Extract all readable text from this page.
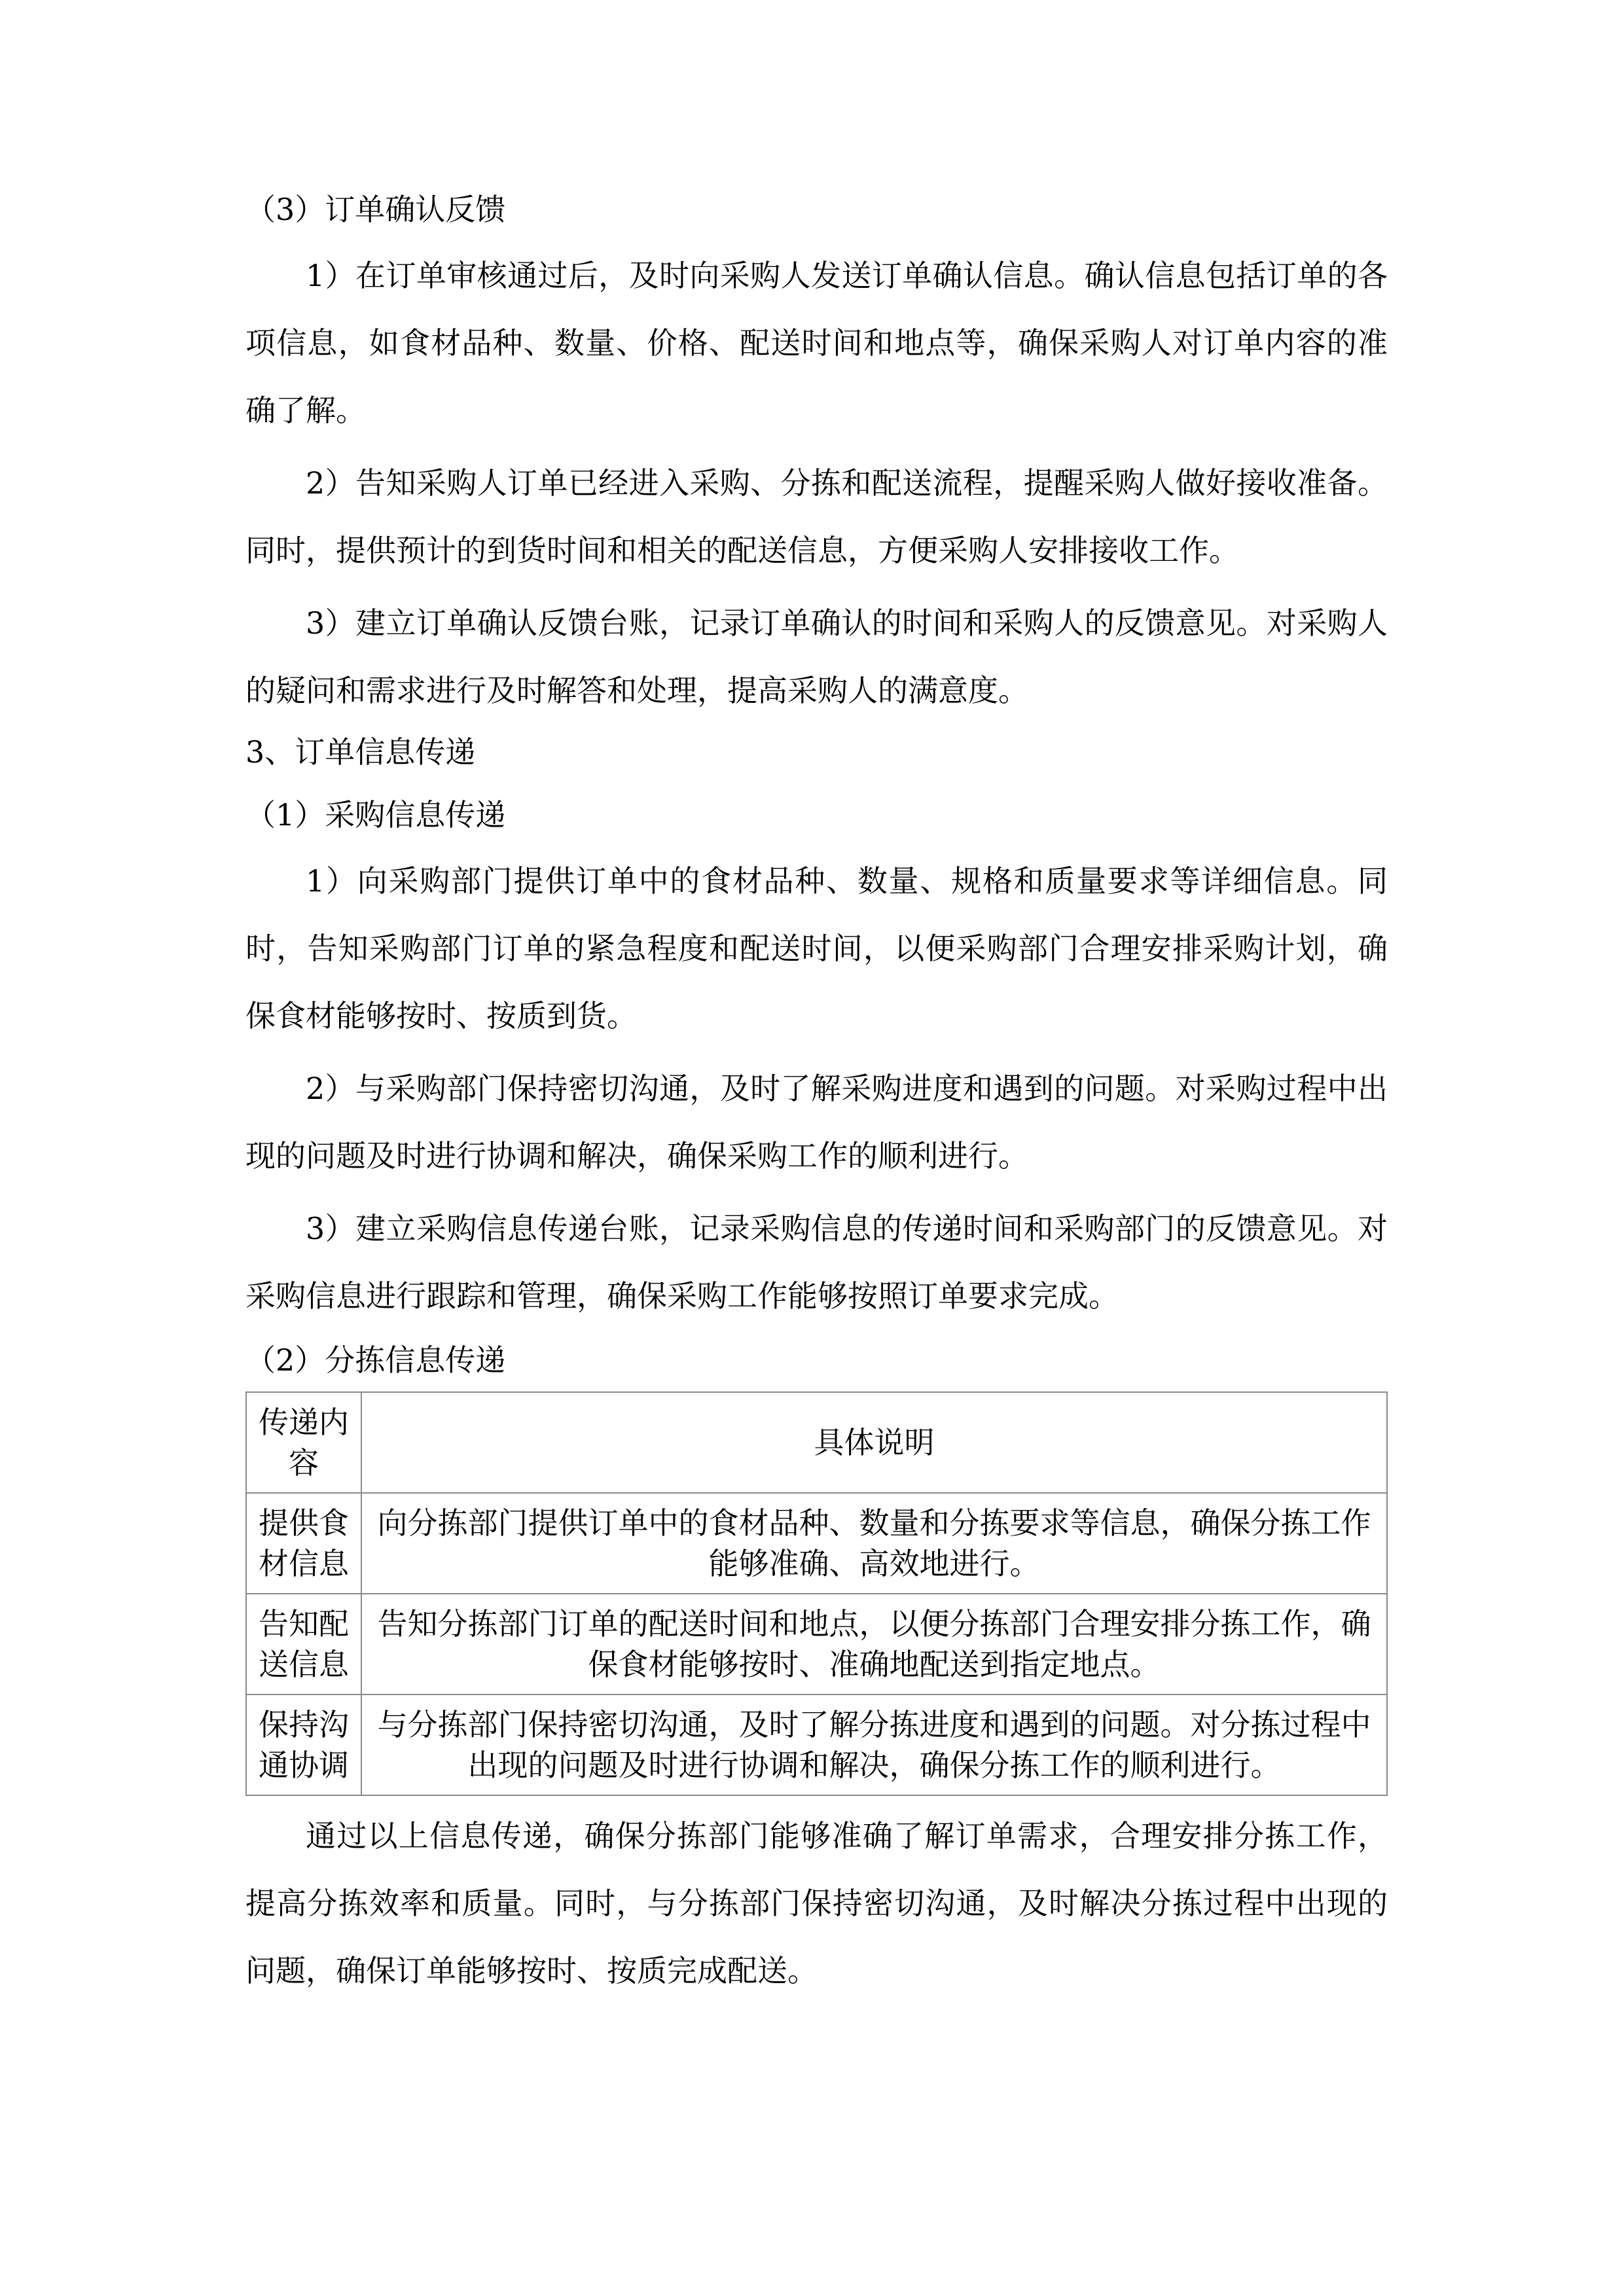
（3）订单确认反馈

1）在订单审核通过后，及时向采购人发送订单确认信息。确认信息包括订单的各项信息，如食材品种、数量、价格、配送时间和地点等，确保采购人对订单内容的准确了解。

2）告知采购人订单已经进入采购、分拣和配送流程，提醒采购人做好接收准备。同时，提供预计的到货时间和相关的配送信息，方便采购人安排接收工作。

3）建立订单确认反馈台账，记录订单确认的时间和采购人的反馈意见。对采购人的疑问和需求进行及时解答和处理，提高采购人的满意度。

3、订单信息传递

（1）采购信息传递

1）向采购部门提供订单中的食材品种、数量、规格和质量要求等详细信息。同时，告知采购部门订单的紧急程度和配送时间，以便采购部门合理安排采购计划，确保食材能够按时、按质到货。

2）与采购部门保持密切沟通，及时了解采购进度和遇到的问题。对采购过程中出现的问题及时进行协调和解决，确保采购工作的顺利进行。

3）建立采购信息传递台账，记录采购信息的传递时间和采购部门的反馈意见。对采购信息进行跟踪和管理，确保采购工作能够按照订单要求完成。

（2）分拣信息传递

传递内容	具体说明
提供食材信息	向分拣部门提供订单中的食材品种、数量和分拣要求等信息，确保分拣工作能够准确、高效地进行。
告知配送信息	告知分拣部门订单的配送时间和地点，以便分拣部门合理安排分拣工作，确保食材能够按时、准确地配送到指定地点。
保持沟通协调	与分拣部门保持密切沟通，及时了解分拣进度和遇到的问题。对分拣过程中出现的问题及时进行协调和解决，确保分拣工作的顺利进行。

通过以上信息传递，确保分拣部门能够准确了解订单需求，合理安排分拣工作，提高分拣效率和质量。同时，与分拣部门保持密切沟通，及时解决分拣过程中出现的问题，确保订单能够按时、按质完成配送。
